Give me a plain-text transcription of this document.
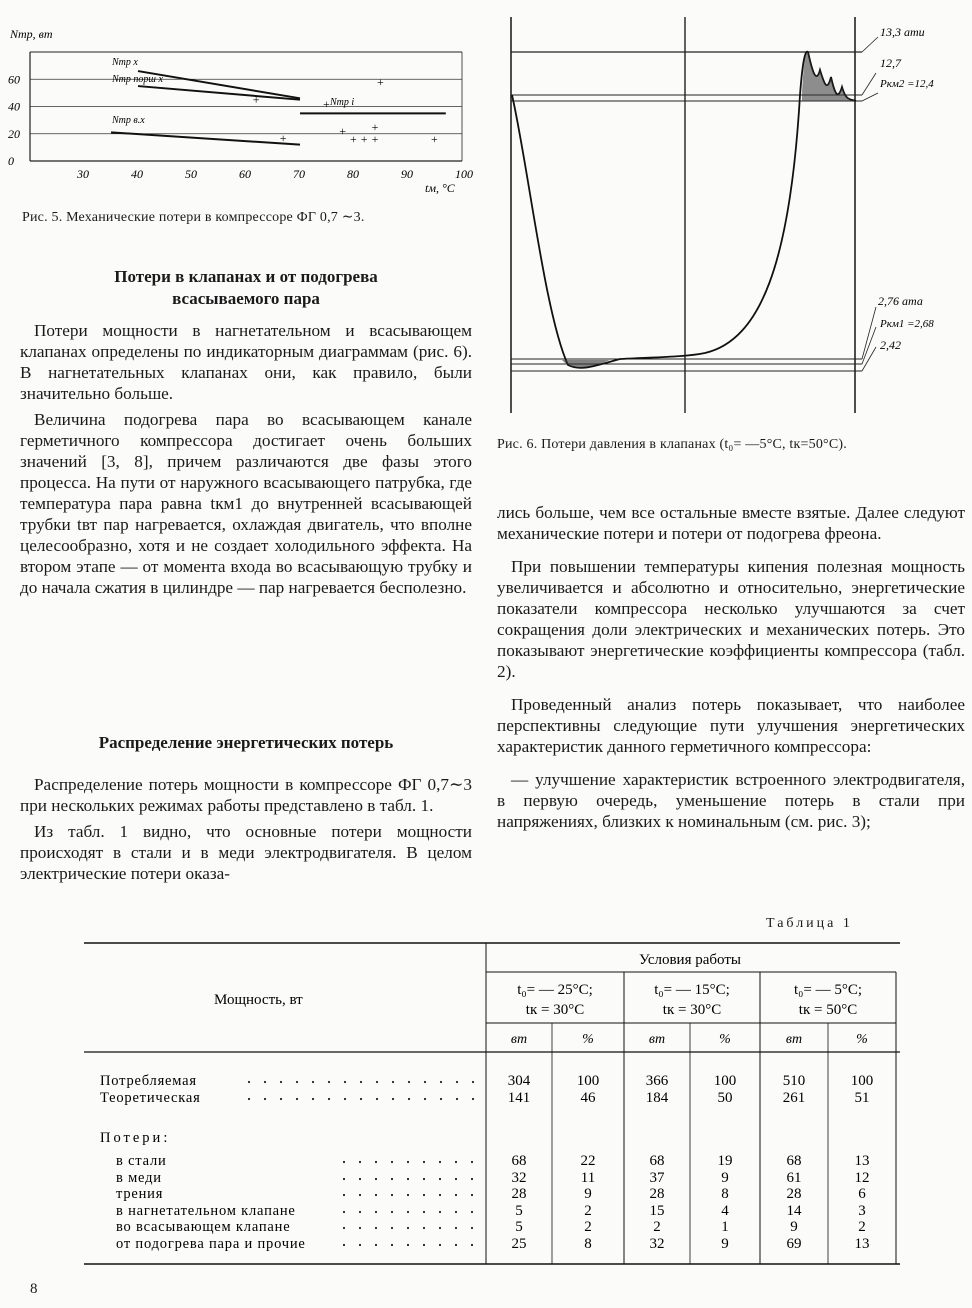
Nтр, вт
0
20
40
60
30	40	50	60	70	80	90	100
+
+
+
+
+ + +
+
+
+
Nтр x
Nтр порш x
Nтр в.x
Nтр i
tм, °С
Рис. 5. Механические потери в компрессоре ФГ 0,7 ∼3.
Потери в клапанах и от подогрева всасываемого пара

Потери мощности в нагнетательном и всасывающем клапанах определены по индикаторным диаграммам (рис. 6). В нагнетательных клапанах они, как правило, были значительно больше.

Величина подогрева пара во всасывающем канале герметичного компрессора достигает очень больших значений [3, 8], причем различаются две фазы этого процесса. На пути от наружного всасывающего патрубка, где температура пара равна tкм1 до внутренней всасывающей трубки tвт пар нагревается, охлаждая двигатель, что вполне целесообразно, хотя и не создает холодильного эффекта. На втором этапе — от момента входа во всасывающую трубку и до начала сжатия в цилиндре — пар нагревается бесполезно.

Распределение энергетических потерь

Распределение потерь мощности в компрессоре ФГ 0,7∼3 при нескольких режимах работы представлено в табл. 1.

Из табл. 1 видно, что основные потери мощности происходят в стали и в меди электродвигателя. В целом электрические потери оказа-

13,3 ати
12,7
Pкм2 =12,4
2,76 ата
Pкм1 =2,68
2,42
Рис. 6. Потери давления в клапанах (t₀= —5°С, tк=50°С).

лись больше, чем все остальные вместе взятые. Далее следуют механические потери и потери от подогрева фреона.

При повышении температуры кипения полезная мощность увеличивается и абсолютно и относительно, энергетические показатели компрессора несколько улучшаются за счет сокращения доли электрических и механических потерь. Это показывают энергетические коэффициенты компрессора (табл. 2).

Проведенный анализ потерь показывает, что наиболее перспективны следующие пути улучшения энергетических характеристик данного герметичного компрессора:

— улучшение характеристик встроенного электродвигателя, в первую очередь, уменьшение потерь в стали при напряжениях, близких к номинальным (см. рис. 3);

Таблица 1
Мощность, вт
Условия работы
t₀= — 25°С;
tк = 30°С
t₀= — 15°С;
tк = 30°С
t₀= — 5°С;
tк = 50°С
вт	%	вт	%	вт	%
Потери:
Потребляемая	304	100	366	100	510	100
Теоретическая	141	46	184	50	261	51
в стали	68	22	68	19	68	13
в меди	32	11	37	9	61	12
трения	28	9	28	8	28	6
в нагнетательном клапане	5	2	15	4	14	3
во всасывающем клапане	5	2	2	1	9	2
от подогрева пара и прочие	25	8	32	9	69	13
8
